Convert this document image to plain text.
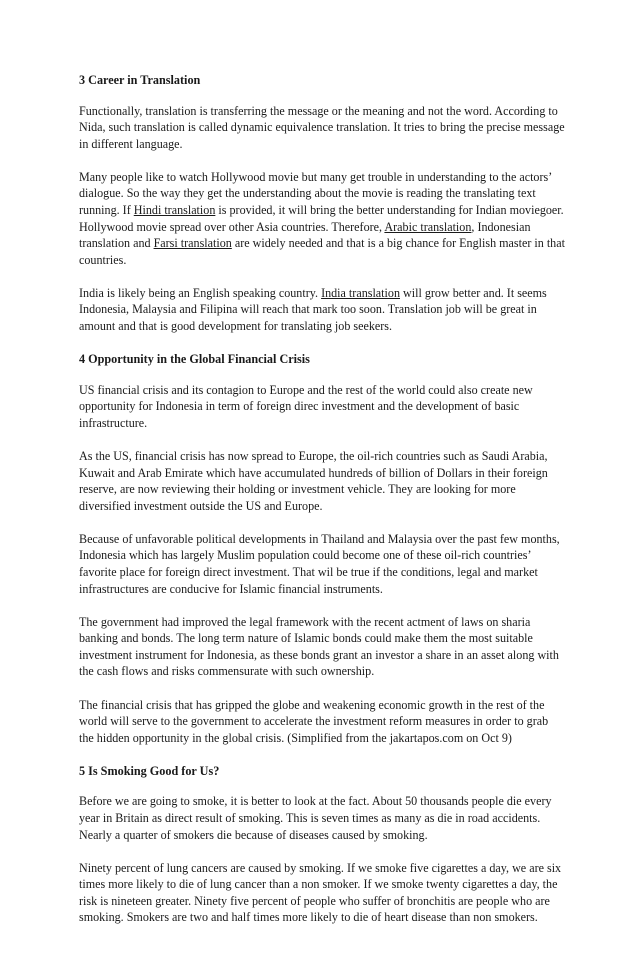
3 Career in Translation

Functionally, translation is transferring the message or the meaning and not the word. According to Nida, such translation is called dynamic equivalence translation. It tries to bring the precise message in different language.

Many people like to watch Hollywood movie but many get trouble in understanding to the actors’ dialogue. So the way they get the understanding about the movie is reading the translating text running. If Hindi translation is provided, it will bring the better understanding for Indian moviegoer. Hollywood movie spread over other Asia countries. Therefore, Arabic translation, Indonesian translation and Farsi translation are widely needed and that is a big chance for English master in that countries.

India is likely being an English speaking country. India translation will grow better and. It seems Indonesia, Malaysia and Filipina will reach that mark too soon. Translation job will be great in amount and that is good development for translating job seekers.

4 Opportunity in the Global Financial Crisis

US financial crisis and its contagion to Europe and the rest of the world could also create new opportunity for Indonesia in term of foreign direc investment and the development of basic infrastructure.

As the US, financial crisis has now spread to Europe, the oil-rich countries such as Saudi Arabia, Kuwait and Arab Emirate which have accumulated hundreds of billion of Dollars in their foreign reserve, are now reviewing their holding or investment vehicle. They are looking for more diversified investment outside the US and Europe.

Because of unfavorable political developments in Thailand and Malaysia over the past few months, Indonesia which has largely Muslim population could become one of these oil-rich countries’ favorite place for foreign direct investment. That wil be true if the conditions, legal and market infrastructures are conducive for Islamic financial instruments.

The government had improved the legal framework with the recent actment of laws on sharia banking and bonds. The long term nature of Islamic bonds could make them the most suitable investment instrument for Indonesia, as these bonds grant an investor a share in an asset along with the cash flows and risks commensurate with such ownership.

The financial crisis that has gripped the globe and weakening economic growth in the rest of the world will serve to the government to accelerate the investment reform measures in order to grab the hidden opportunity in the global crisis. (Simplified from the jakartapos.com on Oct 9)

5 Is Smoking Good for Us?

Before we are going to smoke, it is better to look at the fact. About 50 thousands people die every year in Britain as direct result of smoking. This is seven times as many as die in road accidents. Nearly a quarter of smokers die because of diseases caused by smoking.

Ninety percent of lung cancers are caused by smoking. If we smoke five cigarettes a day, we are six times more likely to die of lung cancer than a non smoker. If we smoke twenty cigarettes a day, the risk is nineteen greater. Ninety five percent of people who suffer of bronchitis are people who are smoking. Smokers are two and half times more likely to die of heart disease than non smokers.
